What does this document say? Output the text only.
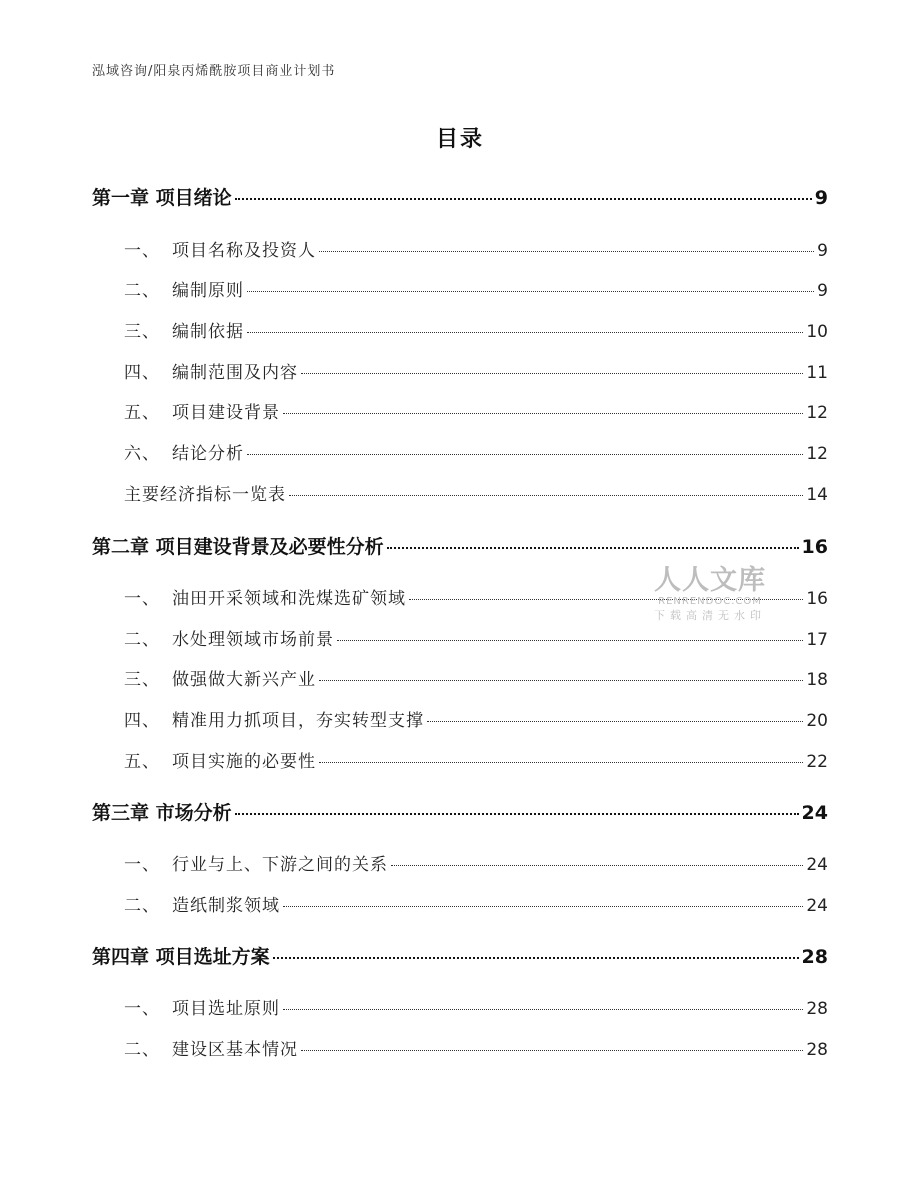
泓域咨询/阳泉丙烯酰胺项目商业计划书
目录
第一章 项目绪论	9
一、 项目名称及投资人	9
二、 编制原则	9
三、 编制依据	10
四、 编制范围及内容	11
五、 项目建设背景	12
六、 结论分析	12
主要经济指标一览表	14
第二章 项目建设背景及必要性分析	16
一、 油田开采领域和洗煤选矿领域	16
二、 水处理领域市场前景	17
三、 做强做大新兴产业	18
四、 精准用力抓项目，夯实转型支撑	20
五、 项目实施的必要性	22
第三章 市场分析	24
一、 行业与上、下游之间的关系	24
二、 造纸制浆领域	24
第四章 项目选址方案	28
一、 项目选址原则	28
二、 建设区基本情况	28
人人文库
RENRENDOC.COM
下载高清无水印
